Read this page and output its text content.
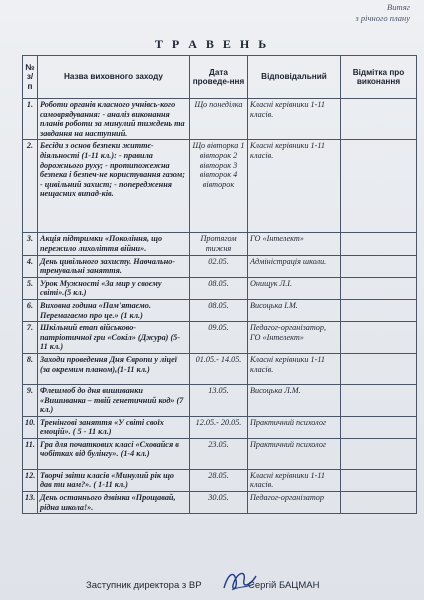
Витяг
з річного плану
Т Р А В Е Н Ь
№ з/п	Назва виховного заходу	Дата проведе-ння	Відповідальний	Відмітка про виконання
1.	Роботи органів класного учнівсь-кого самоврядування: - аналіз виконання планів роботи за минулий тиждень та завдання на наступний.	Що понеділка	Класні керівники 1-11 класів.	
2.	Бесіди з основ безпеки життє-діяльності (1-11 кл.): - правила дорожнього руху; - протипожежна безпека і безпеч-не користування газом; - цивільний захист; - попередження нещасних випад-ків.	Що вівторка 1 вівторок 2 вівторок 3 вівторок 4 вівторок	Класні керівники 1-11 класів.	
3.	Акція підтримки «Покоління, що пережило лихоліття війни».	Протягом тижня	ГО «Інтелект»	
4.	День цивільного захисту. Навчально-тренувальні заняття.	02.05.	Адміністрація школи.	
5.	Урок Мужності «За мир у своєму світі».(5 кл.)	08.05.	Онищук Л.І.	
6.	Виховна година «Пам'ятаємо. Перемагаємо про це.» (1 кл.)	08.05.	Висоцька І.М.	
7.	Шкільний етап військово-патріотичної гри «Сокіл» (Джура) (5-11 кл.)	09.05.	Педагог-організатор, ГО «Інтелект»	
8.	Заходи проведення Дня Європи у ліцеї (за окремим планом),(1-11 кл.)	01.05.- 14.05.	Класні керівники 1-11 класів.	
9.	Флешмоб до дня вишиванки «Вишиванка – твій генетичний код» (7 кл.)	13.05.	Висоцька Л.М.	
10.	Тренінгові заняття «У світі своїх емоцій». ( 5 - 11 кл.)	12.05.- 20.05.	Практичний психолог	
11.	Гра для початкових класі «Сховайся в чобітках від булінгу». (1-4 кл.)	23.05.	Практичний психолог	
12.	Творчі звіти класів «Минулий рік що дав ти нам?». ( 1-11 кл.)	28.05.	Класні керівники 1-11 класів.	
13.	День останнього дзвінка «Прощавай, рідна школа!».	30.05.	Педагог-організатор	
Заступник директора з ВР	Сергій БАЦМАН
